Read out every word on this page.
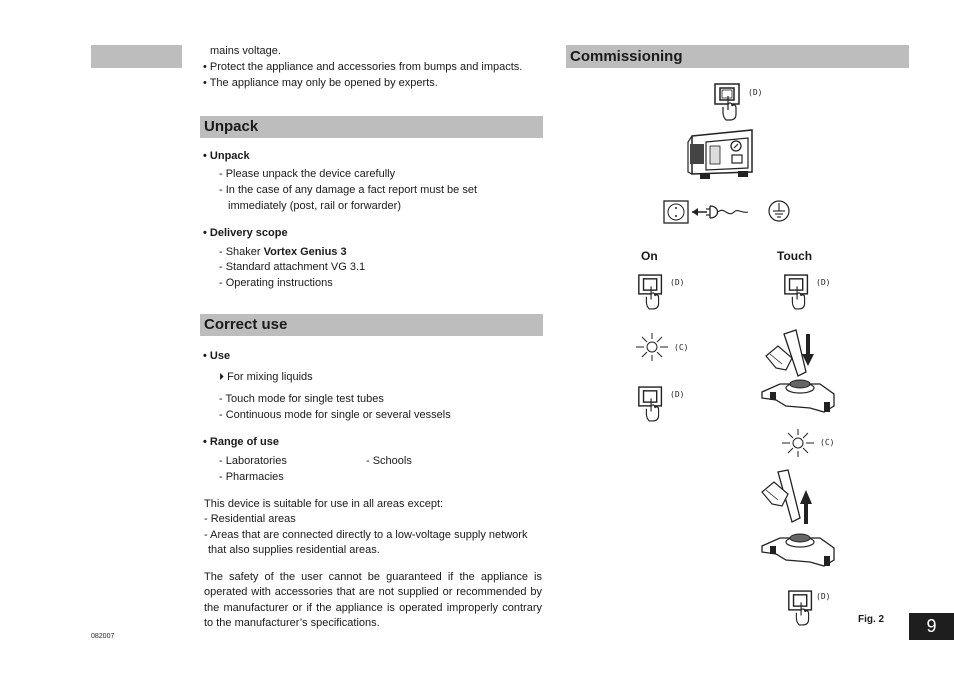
mains voltage.
• Protect the appliance and accessories from bumps and impacts.
• The appliance may only be opened by experts.
Unpack
• Unpack
- Please unpack the device carefully
- In the case of any damage a fact report must be set
immediately (post, rail or forwarder)
• Delivery scope
- Shaker Vortex Genius 3
- Standard attachment VG 3.1
- Operating instructions
Correct use
• Use
⏵ For mixing liquids
- Touch mode for single test tubes
- Continuous mode for single or several vessels
• Range of use
- Laboratories	- Schools
- Pharmacies
This device is suitable for use in all areas except:
- Residential areas
- Areas that are connected directly to a low-voltage supply network
that also supplies residential areas.
The safety of the user cannot be guaranteed if the appliance is operated with accessories that are not supplied or recommended by the manufacturer or if the appliance is operated improperly contrary to the manufacturer’s specifications.
082007
Commissioning
(D)
On	Touch
(D)
(C)
(D)
(D)
(C)
(D)
Fig. 2	9
